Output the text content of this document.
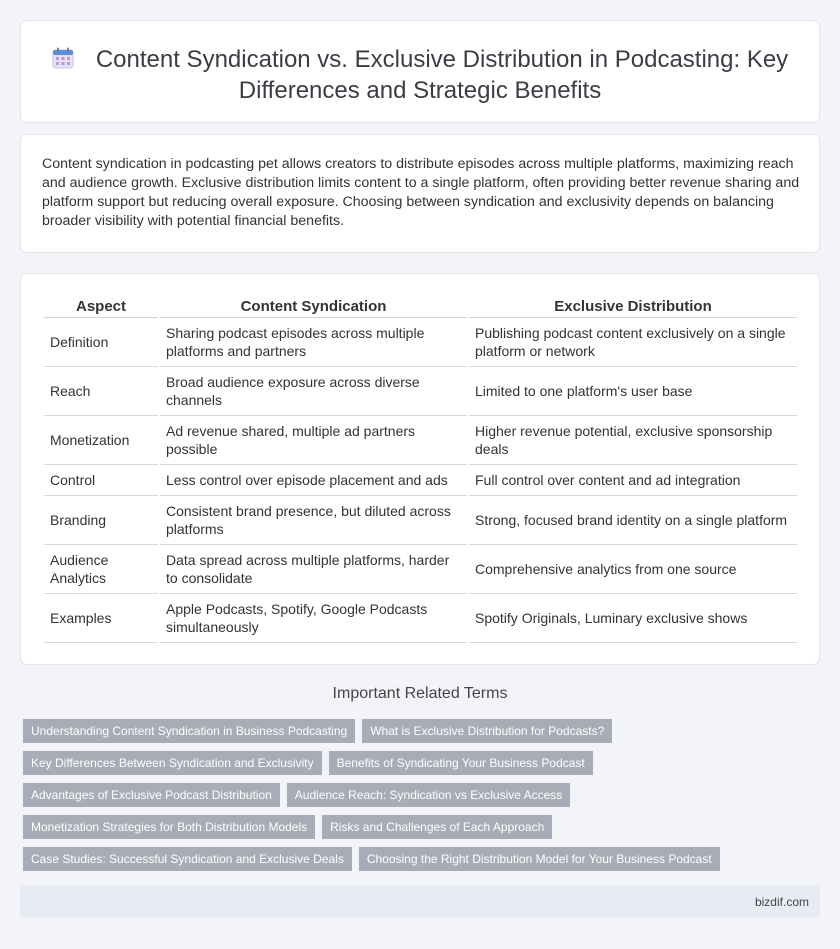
Content Syndication vs. Exclusive Distribution in Podcasting: Key Differences and Strategic Benefits

Content syndication in podcasting pet allows creators to distribute episodes across multiple platforms, maximizing reach and audience growth. Exclusive distribution limits content to a single platform, often providing better revenue sharing and platform support but reducing overall exposure. Choosing between syndication and exclusivity depends on balancing broader visibility with potential financial benefits.

Aspect	Content Syndication	Exclusive Distribution
Definition	Sharing podcast episodes across multiple platforms and partners	Publishing podcast content exclusively on a single platform or network
Reach	Broad audience exposure across diverse channels	Limited to one platform's user base
Monetization	Ad revenue shared, multiple ad partners possible	Higher revenue potential, exclusive sponsorship deals
Control	Less control over episode placement and ads	Full control over content and ad integration
Branding	Consistent brand presence, but diluted across platforms	Strong, focused brand identity on a single platform
Audience Analytics	Data spread across multiple platforms, harder to consolidate	Comprehensive analytics from one source
Examples	Apple Podcasts, Spotify, Google Podcasts simultaneously	Spotify Originals, Luminary exclusive shows
Important Related Terms
Understanding Content Syndication in Business Podcasting	What is Exclusive Distribution for Podcasts?
Key Differences Between Syndication and Exclusivity	Benefits of Syndicating Your Business Podcast
Advantages of Exclusive Podcast Distribution	Audience Reach: Syndication vs Exclusive Access
Monetization Strategies for Both Distribution Models	Risks and Challenges of Each Approach
Case Studies: Successful Syndication and Exclusive Deals	Choosing the Right Distribution Model for Your Business Podcast
bizdif.com
